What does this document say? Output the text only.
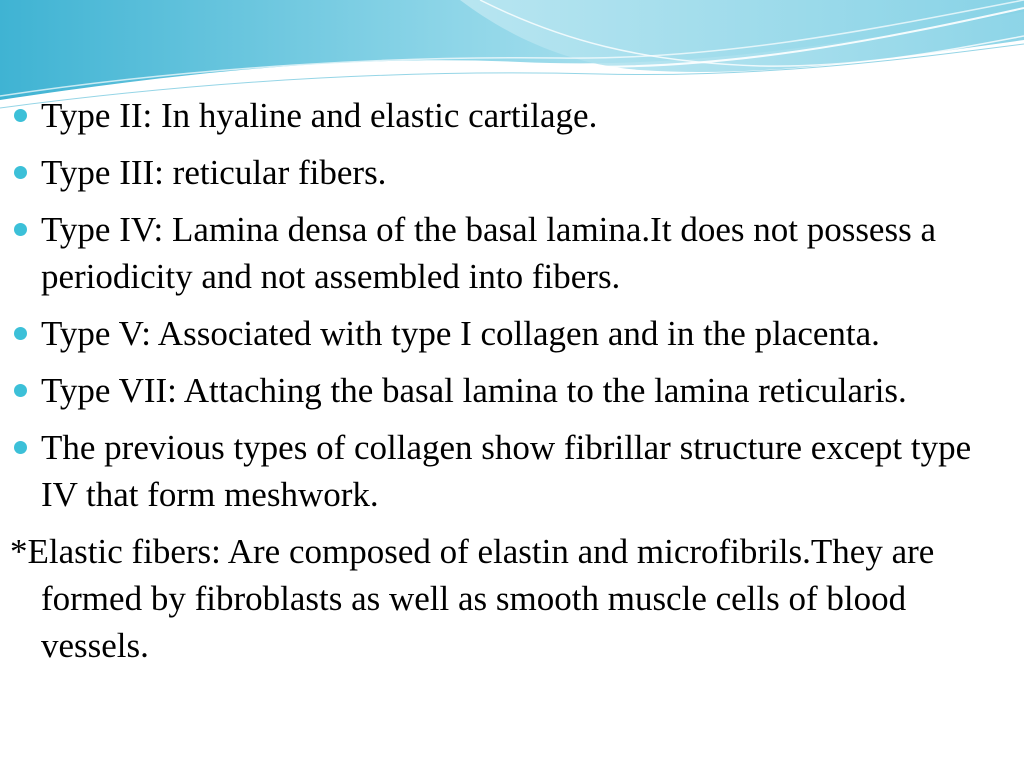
Type II: In hyaline and elastic cartilage.
Type III: reticular fibers.
Type IV: Lamina densa of the basal lamina.It does not possess a periodicity and not assembled into fibers.
Type V: Associated with type I collagen and in the placenta.
Type VII: Attaching the basal lamina to the lamina reticularis.
The previous types of collagen show fibrillar structure except type IV that form meshwork.

*Elastic fibers: Are composed of elastin and microfibrils.They are formed by fibroblasts as well as smooth muscle cells of blood vessels.
